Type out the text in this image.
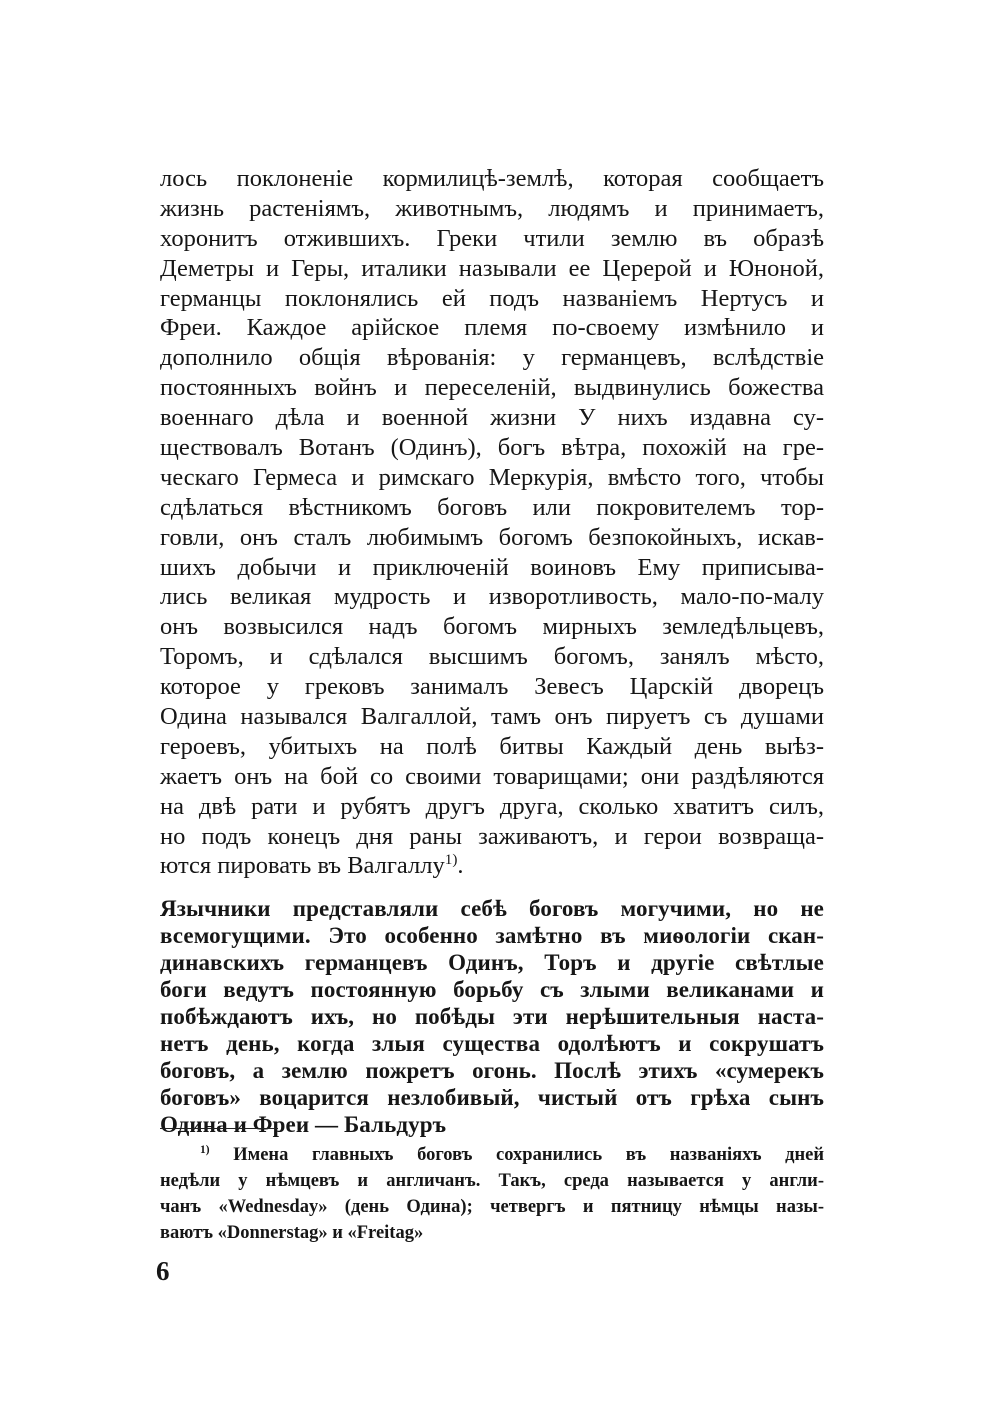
лось поклоненіе кормилицѣ-землѣ, которая сообщаетъ
жизнь растеніямъ, животнымъ, людямъ и принимаетъ,
хоронитъ отжившихъ. Греки чтили землю въ образѣ
Деметры и Геры, италики называли ее Церерой и Юноной,
германцы поклонялись ей подъ названіемъ Нертусъ и
Фреи. Каждое арійское племя по-своему измѣнило и
дополнило общія вѣрованія: у германцевъ, вслѣдствіе
постоянныхъ войнъ и переселеній, выдвинулись божества
военнаго дѣла и военной жизни У нихъ издавна су-
ществовалъ Вотанъ (Одинъ), богъ вѣтра, похожій на гре-
ческаго Гермеса и римскаго Меркурія, вмѣсто того, чтобы
сдѣлаться вѣстникомъ боговъ или покровителемъ тор-
говли, онъ сталъ любимымъ богомъ безпокойныхъ, искав-
шихъ добычи и приключеній воиновъ Ему приписыва-
лись великая мудрость и изворотливость, мало-по-малу
онъ возвысился надъ богомъ мирныхъ земледѣльцевъ,
Торомъ, и сдѣлался высшимъ богомъ, занялъ мѣсто,
которое у грековъ занималъ Зевесъ Царскій дворецъ
Одина назывался Валгаллой, тамъ онъ пируетъ съ душами
героевъ, убитыхъ на полѣ битвы Каждый день выѣз-
жаетъ онъ на бой со своими товарищами; они раздѣляются
на двѣ рати и рубятъ другъ друга, сколько хватитъ силъ,
но подъ конецъ дня раны заживаютъ, и герои возвраща-
ются пировать въ Валгаллу$^{1)}$.
Язычники представляли себѣ боговъ могучими, но не
всемогущими. Это особенно замѣтно въ миѳологіи скан-
динавскихъ германцевъ Одинъ, Торъ и другіе свѣтлые
боги ведутъ постоянную борьбу съ злыми великанами и
побѣждаютъ ихъ, но побѣды эти нерѣшительныя наста-
нетъ день, когда злыя существа одолѣютъ и сокрушатъ
боговъ, а землю пожретъ огонь. Послѣ этихъ «сумерекъ
боговъ» воцарится незлобивый, чистый отъ грѣха сынъ
Одина и Фреи — Бальдуръ
$^{1)}$ Имена главныхъ боговъ сохранились въ названіяхъ дней
недѣли у нѣмцевъ и англичанъ. Такъ, среда называется у англи-
чанъ «Wednesday» (день Одина); четвергъ и пятницу нѣмцы назы-
ваютъ «Donnerstag» и «Freitag»
6
